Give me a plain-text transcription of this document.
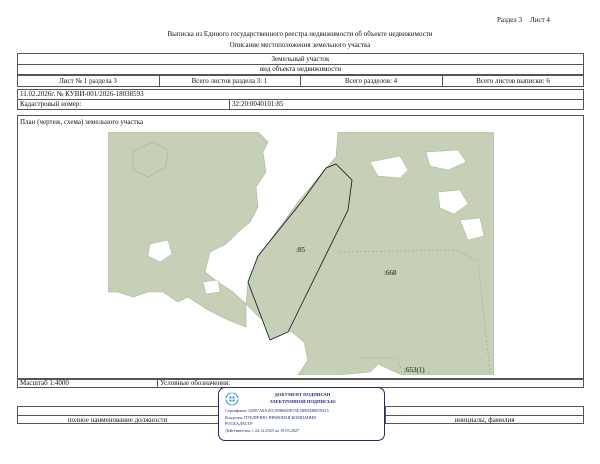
Раздел 3 Лист 4
Выписка из Единого государственного реестра недвижимости об объекте недвижимости
Описание местоположения земельного участка
Земельный участок
вид объекта недвижимости
Лист № 1 раздела 3	Всего листов раздела 3: 1	Всего разделов: 4	Всего листов выписки: 6
11.02.2026г. № КУВИ-001/2026-18038593
Кадастровый номер:	32:20:0040101:85
План (чертеж, схема) земельного участка
:85
:668
:653(1)
Масштаб 1:4000	Условные обозначения:
полное наименование должности	инициалы, фамилия
ДОКУМЕНТ ПОДПИСАН
ЭЛЕКТРОННОЙ ПОДПИСЬЮ
Сертификат: 02997A8A1EC959B605E55E1B9D4B0078415
Владелец: ПУБЛИЧНО-ПРАВОВАЯ КОМПАНИЯ
РОСКАДАСТР
Действителен: с 24.12.2025 по 19.03.2027
